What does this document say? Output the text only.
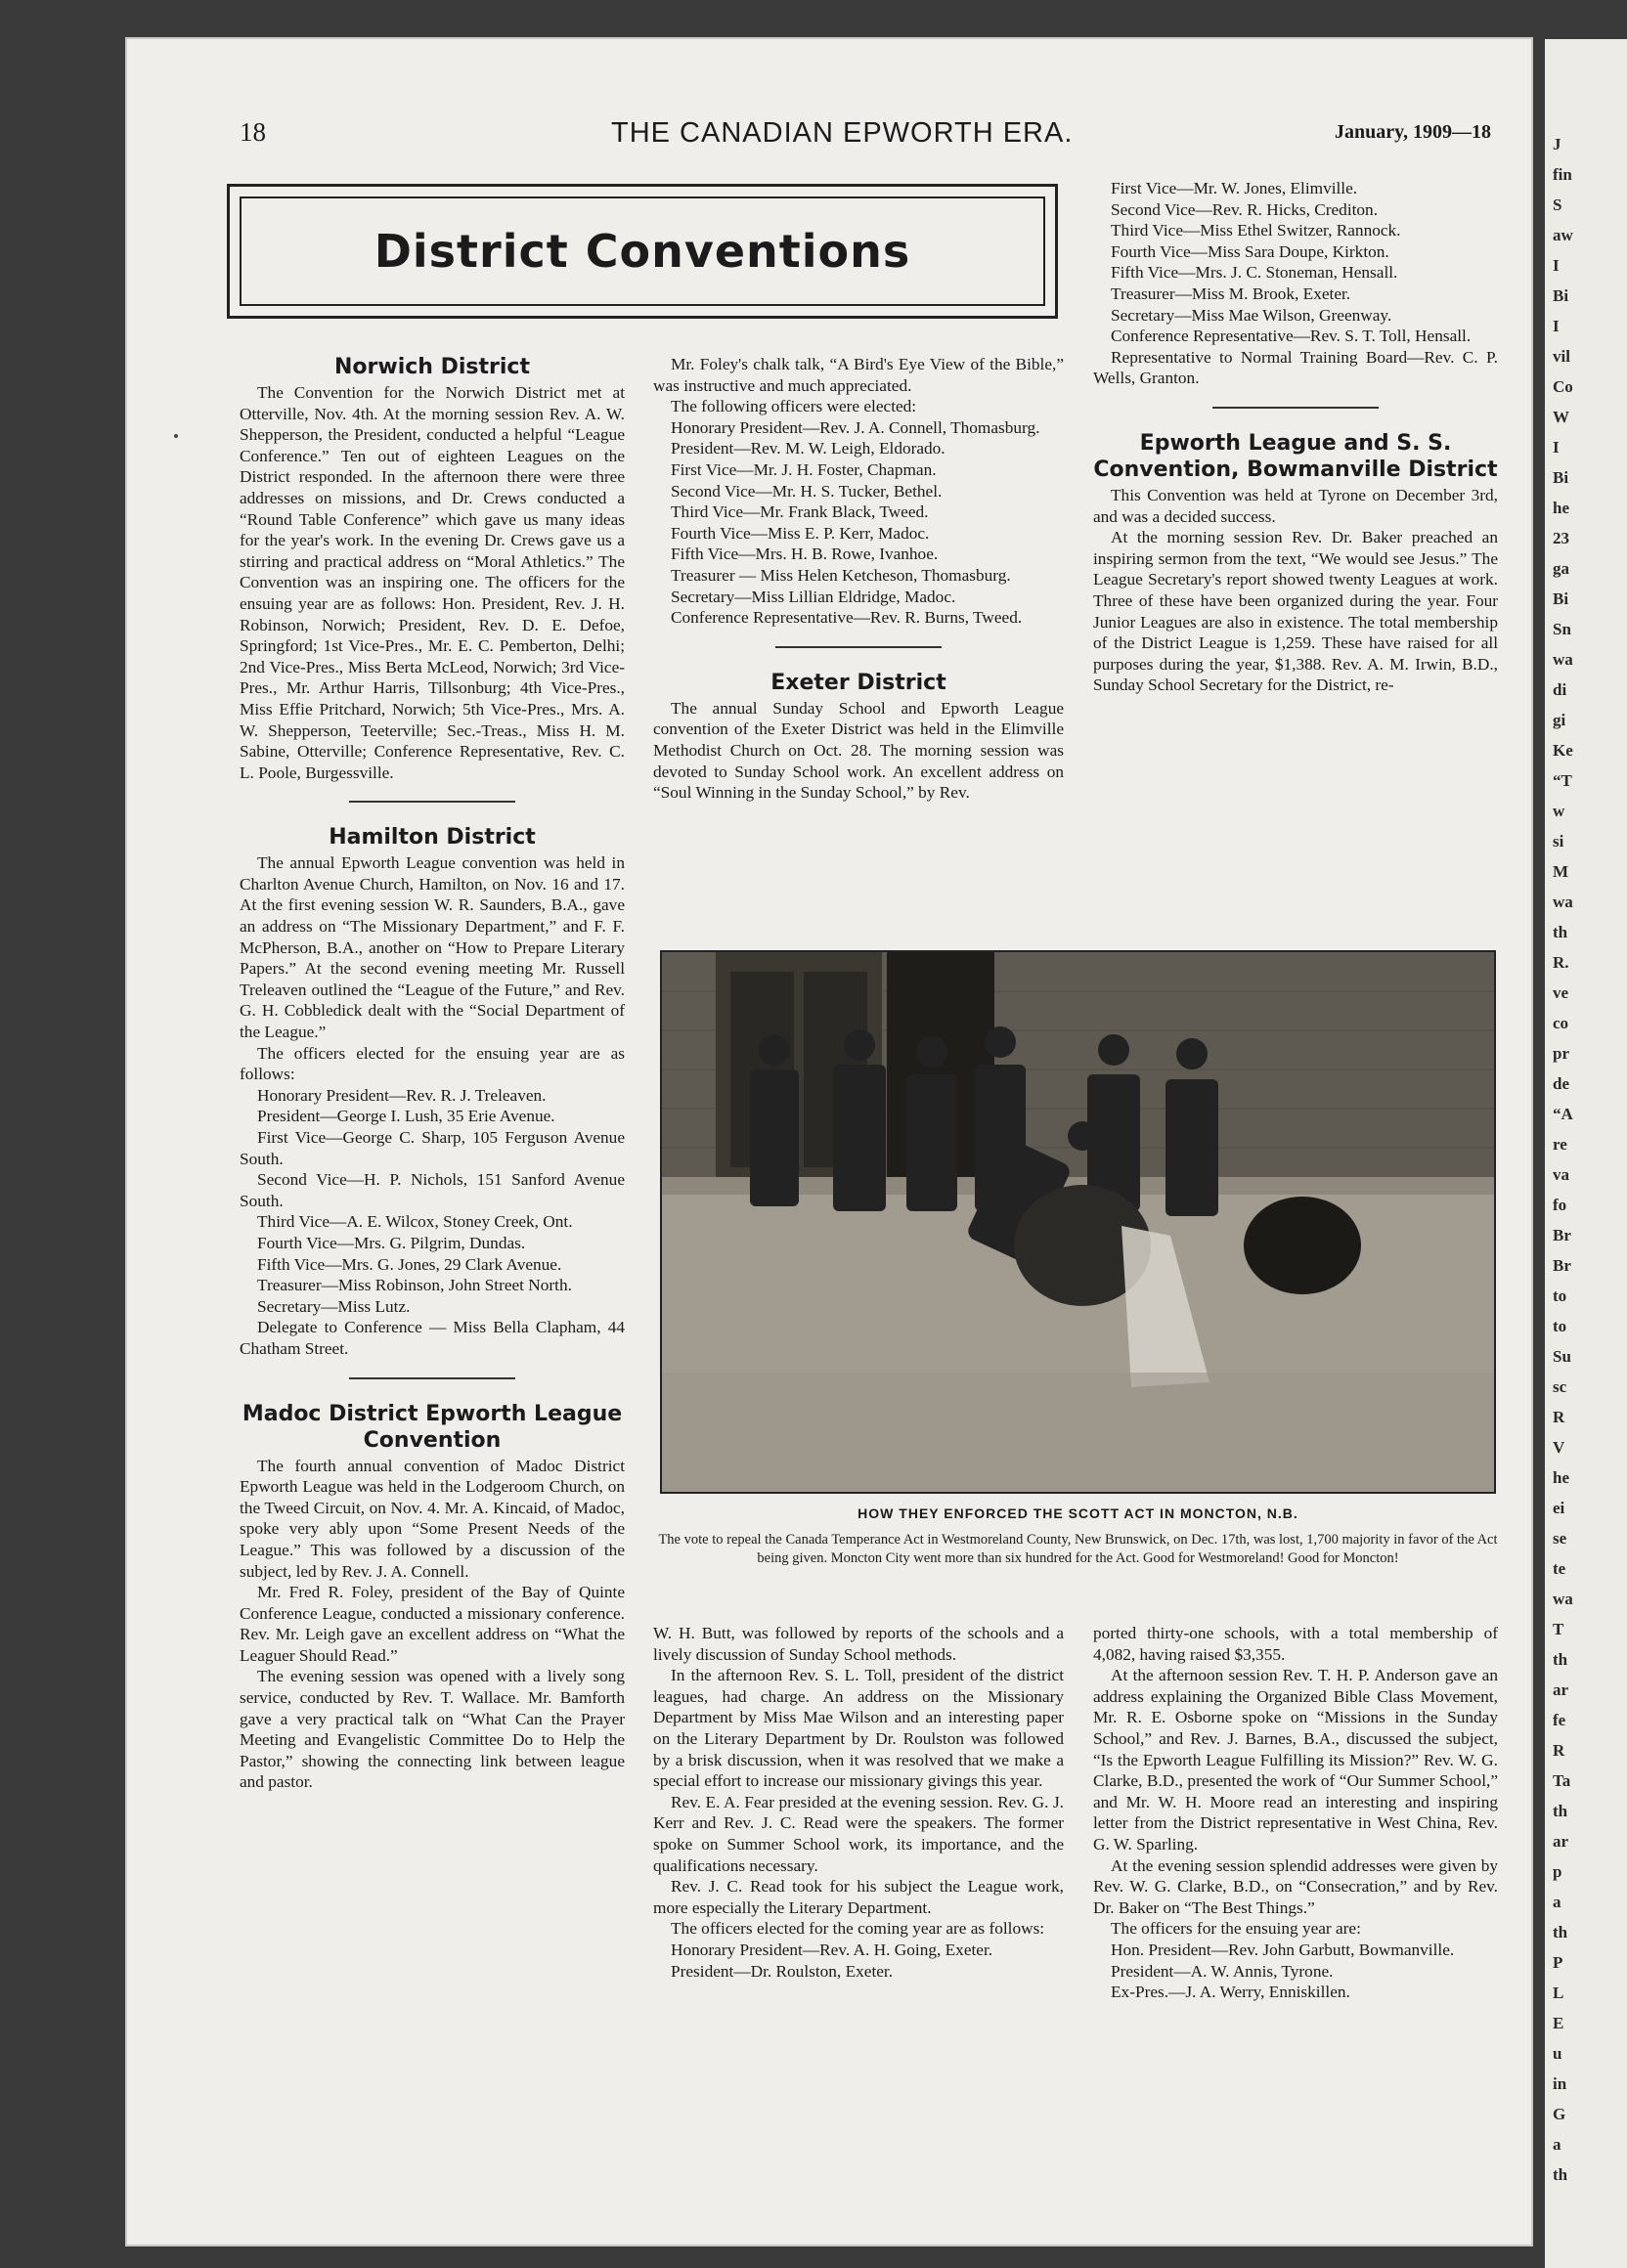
J
fin
S
aw
I
Bi
I
vil
Co
W
I
Bi
he
23
ga
Bi
Sn
wa
di
gi
Ke
“T
w
si
M
wa
th
R.
ve
co
pr
de
“A
re
va
fo
Br
Br
to
to
Su
sc
R
V
he
ei
se
te
wa
T
th
ar
fe
R
Ta
th
ar
p
a
th
P
L
E
u
in
G
a
th
18	THE CANADIAN EPWORTH ERA.	January, 1909—18
District Conventions
Norwich District

The Convention for the Norwich District met at Otterville, Nov. 4th. At the morning session Rev. A. W. Shepperson, the President, conducted a helpful “League Conference.” Ten out of eighteen Leagues on the District responded. In the afternoon there were three addresses on missions, and Dr. Crews conducted a “Round Table Conference” which gave us many ideas for the year's work. In the evening Dr. Crews gave us a stirring and practical address on “Moral Athletics.” The Convention was an inspiring one. The officers for the ensuing year are as follows: Hon. President, Rev. J. H. Robinson, Norwich; President, Rev. D. E. Defoe, Springford; 1st Vice-Pres., Mr. E. C. Pemberton, Delhi; 2nd Vice-Pres., Miss Berta McLeod, Norwich; 3rd Vice-Pres., Mr. Arthur Harris, Tillsonburg; 4th Vice-Pres., Miss Effie Pritchard, Norwich; 5th Vice-Pres., Mrs. A. W. Shepperson, Teeterville; Sec.-Treas., Miss H. M. Sabine, Otterville; Conference Representative, Rev. C. L. Poole, Burgessville.

Hamilton District

The annual Epworth League convention was held in Charlton Avenue Church, Hamilton, on Nov. 16 and 17. At the first evening session W. R. Saunders, B.A., gave an address on “The Missionary Department,” and F. F. McPherson, B.A., another on “How to Prepare Literary Papers.” At the second evening meeting Mr. Russell Treleaven outlined the “League of the Future,” and Rev. G. H. Cobbledick dealt with the “Social Department of the League.”

The officers elected for the ensuing year are as follows:

Honorary President—Rev. R. J. Treleaven.

President—George I. Lush, 35 Erie Avenue.

First Vice—George C. Sharp, 105 Ferguson Avenue South.

Second Vice—H. P. Nichols, 151 Sanford Avenue South.

Third Vice—A. E. Wilcox, Stoney Creek, Ont.

Fourth Vice—Mrs. G. Pilgrim, Dundas.

Fifth Vice—Mrs. G. Jones, 29 Clark Avenue.

Treasurer—Miss Robinson, John Street North.

Secretary—Miss Lutz.

Delegate to Conference — Miss Bella Clapham, 44 Chatham Street.

Madoc District Epworth League Convention

The fourth annual convention of Madoc District Epworth League was held in the Lodgeroom Church, on the Tweed Circuit, on Nov. 4. Mr. A. Kincaid, of Madoc, spoke very ably upon “Some Present Needs of the League.” This was followed by a discussion of the subject, led by Rev. J. A. Connell.

Mr. Fred R. Foley, president of the Bay of Quinte Conference League, conducted a missionary conference. Rev. Mr. Leigh gave an excellent address on “What the Leaguer Should Read.”

The evening session was opened with a lively song service, conducted by Rev. T. Wallace. Mr. Bamforth gave a very practical talk on “What Can the Prayer Meeting and Evangelistic Committee Do to Help the Pastor,” showing the connecting link between league and pastor.

Mr. Foley's chalk talk, “A Bird's Eye View of the Bible,” was instructive and much appreciated.

The following officers were elected:

Honorary President—Rev. J. A. Connell, Thomasburg.

President—Rev. M. W. Leigh, Eldorado.

First Vice—Mr. J. H. Foster, Chapman.

Second Vice—Mr. H. S. Tucker, Bethel.

Third Vice—Mr. Frank Black, Tweed.

Fourth Vice—Miss E. P. Kerr, Madoc.

Fifth Vice—Mrs. H. B. Rowe, Ivanhoe.

Treasurer — Miss Helen Ketcheson, Thomasburg.

Secretary—Miss Lillian Eldridge, Madoc.

Conference Representative—Rev. R. Burns, Tweed.

Exeter District

The annual Sunday School and Epworth League convention of the Exeter District was held in the Elimville Methodist Church on Oct. 28. The morning session was devoted to Sunday School work. An excellent address on “Soul Winning in the Sunday School,” by Rev.

First Vice—Mr. W. Jones, Elimville.

Second Vice—Rev. R. Hicks, Crediton.

Third Vice—Miss Ethel Switzer, Rannock.

Fourth Vice—Miss Sara Doupe, Kirkton.

Fifth Vice—Mrs. J. C. Stoneman, Hensall.

Treasurer—Miss M. Brook, Exeter.

Secretary—Miss Mae Wilson, Greenway.

Conference Representative—Rev. S. T. Toll, Hensall.

Representative to Normal Training Board—Rev. C. P. Wells, Granton.

Epworth League and S. S. Convention, Bowmanville District

This Convention was held at Tyrone on December 3rd, and was a decided success.

At the morning session Rev. Dr. Baker preached an inspiring sermon from the text, “We would see Jesus.” The League Secretary's report showed twenty Leagues at work. Three of these have been organized during the year. Four Junior Leagues are also in existence. The total membership of the District League is 1,259. These have raised for all purposes during the year, $1,388. Rev. A. M. Irwin, B.D., Sunday School Secretary for the District, re-

HOW THEY ENFORCED THE SCOTT ACT IN MONCTON, N.B.
The vote to repeal the Canada Temperance Act in Westmoreland County, New Brunswick, on Dec. 17th, was lost, 1,700 majority in favor of the Act being given. Moncton City went more than six hundred for the Act. Good for Westmoreland! Good for Moncton!

W. H. Butt, was followed by reports of the schools and a lively discussion of Sunday School methods.

In the afternoon Rev. S. L. Toll, president of the district leagues, had charge. An address on the Missionary Department by Miss Mae Wilson and an interesting paper on the Literary Department by Dr. Roulston was followed by a brisk discussion, when it was resolved that we make a special effort to increase our missionary givings this year.

Rev. E. A. Fear presided at the evening session. Rev. G. J. Kerr and Rev. J. C. Read were the speakers. The former spoke on Summer School work, its importance, and the qualifications necessary.

Rev. J. C. Read took for his subject the League work, more especially the Literary Department.

The officers elected for the coming year are as follows:

Honorary President—Rev. A. H. Going, Exeter.

President—Dr. Roulston, Exeter.

ported thirty-one schools, with a total membership of 4,082, having raised $3,355.

At the afternoon session Rev. T. H. P. Anderson gave an address explaining the Organized Bible Class Movement, Mr. R. E. Osborne spoke on “Missions in the Sunday School,” and Rev. J. Barnes, B.A., discussed the subject, “Is the Epworth League Fulfilling its Mission?” Rev. W. G. Clarke, B.D., presented the work of “Our Summer School,” and Mr. W. H. Moore read an interesting and inspiring letter from the District representative in West China, Rev. G. W. Sparling.

At the evening session splendid addresses were given by Rev. W. G. Clarke, B.D., on “Consecration,” and by Rev. Dr. Baker on “The Best Things.”

The officers for the ensuing year are:

Hon. President—Rev. John Garbutt, Bowmanville.

President—A. W. Annis, Tyrone.

Ex-Pres.—J. A. Werry, Enniskillen.
